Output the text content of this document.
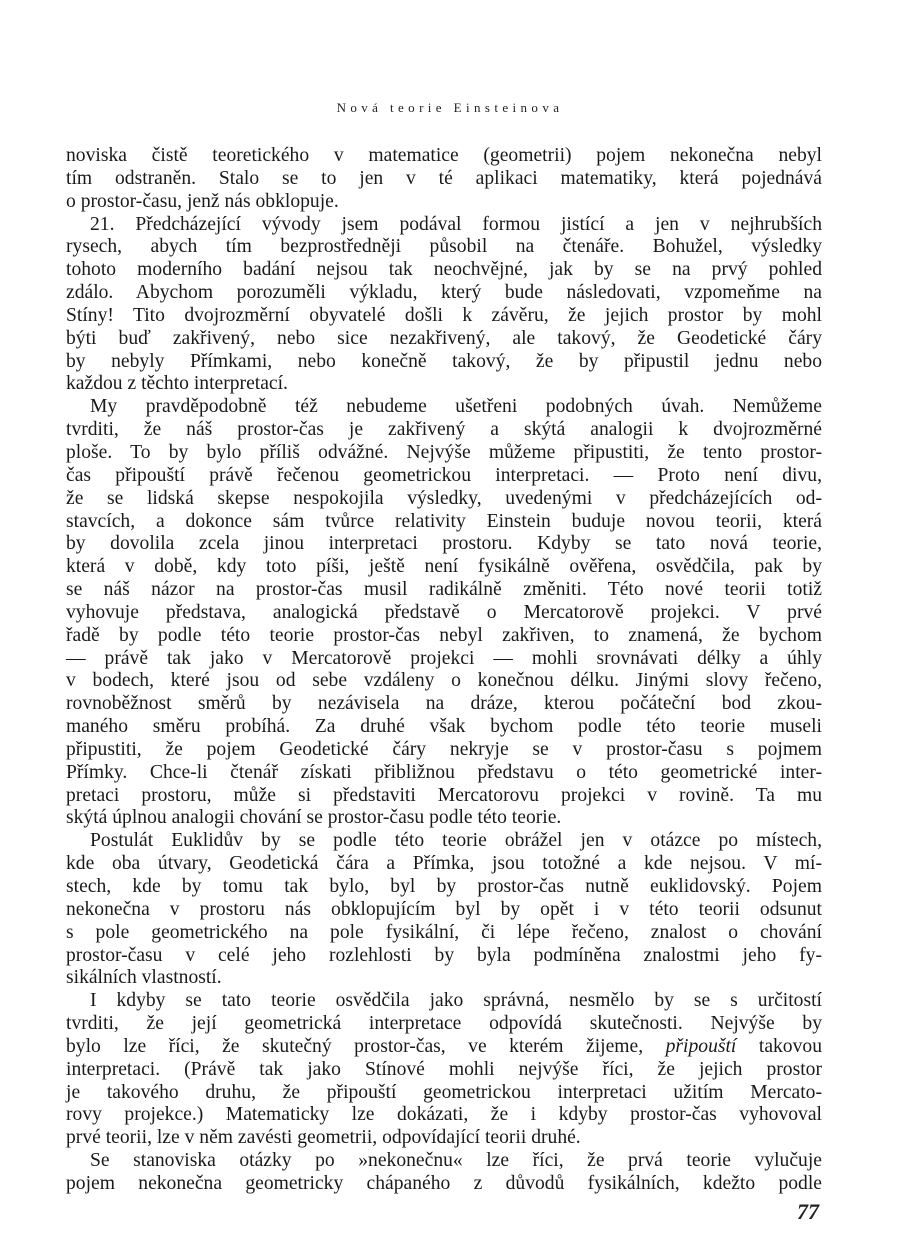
Nová teorie Einsteinova

noviska čistě teoretického v matematice (geometrii) pojem nekonečna nebyl
tím odstraněn. Stalo se to jen v té aplikaci matematiky, která pojednává
o prostor-času, jenž nás obklopuje.

21. Předcházející vývody jsem podával formou jistící a jen v nejhrubších
rysech, abych tím bezprostředněji působil na čtenáře. Bohužel, výsledky
tohoto moderního badání nejsou tak neochvějné, jak by se na prvý pohled
zdálo. Abychom porozuměli výkladu, který bude následovati, vzpomeňme na
Stíny! Tito dvojrozměrní obyvatelé došli k závěru, že jejich prostor by mohl
býti buď zakřivený, nebo sice nezakřivený, ale takový, že Geodetické čáry
by nebyly Přímkami, nebo konečně takový, že by připustil jednu nebo
každou z těchto interpretací.

My pravděpodobně též nebudeme ušetřeni podobných úvah. Nemůžeme
tvrditi, že náš prostor-čas je zakřivený a skýtá analogii k dvojrozměrné
ploše. To by bylo příliš odvážné. Nejvýše můžeme připustiti, že tento prostor-
čas připouští právě řečenou geometrickou interpretaci. — Proto není divu,
že se lidská skepse nespokojila výsledky, uvedenými v předcházejících od-
stavcích, a dokonce sám tvůrce relativity Einstein buduje novou teorii, která
by dovolila zcela jinou interpretaci prostoru. Kdyby se tato nová teorie,
která v době, kdy toto píši, ještě není fysikálně ověřena, osvědčila, pak by
se náš názor na prostor-čas musil radikálně změniti. Této nové teorii totiž
vyhovuje představa, analogická představě o Mercatorově projekci. V prvé
řadě by podle této teorie prostor-čas nebyl zakřiven, to znamená, že bychom
— právě tak jako v Mercatorově projekci — mohli srovnávati délky a úhly
v bodech, které jsou od sebe vzdáleny o konečnou délku. Jinými slovy řečeno,
rovnoběžnost směrů by nezávisela na dráze, kterou počáteční bod zkou-
maného směru probíhá. Za druhé však bychom podle této teorie museli
připustiti, že pojem Geodetické čáry nekryje se v prostor-času s pojmem
Přímky. Chce-li čtenář získati přibližnou představu o této geometrické inter-
pretaci prostoru, může si představiti Mercatorovu projekci v rovině. Ta mu
skýtá úplnou analogii chování se prostor-času podle této teorie.

Postulát Euklidův by se podle této teorie obrážel jen v otázce po místech,
kde oba útvary, Geodetická čára a Přímka, jsou totožné a kde nejsou. V mí-
stech, kde by tomu tak bylo, byl by prostor-čas nutně euklidovský. Pojem
nekonečna v prostoru nás obklopujícím byl by opět i v této teorii odsunut
s pole geometrického na pole fysikální, či lépe řečeno, znalost o chování
prostor-času v celé jeho rozlehlosti by byla podmíněna znalostmi jeho fy-
sikálních vlastností.

I kdyby se tato teorie osvědčila jako správná, nesmělo by se s určitostí
tvrditi, že její geometrická interpretace odpovídá skutečnosti. Nejvýše by
bylo lze říci, že skutečný prostor-čas, ve kterém žijeme, připouští takovou
interpretaci. (Právě tak jako Stínové mohli nejvýše říci, že jejich prostor
je takového druhu, že připouští geometrickou interpretaci užitím Mercato-
rovy projekce.) Matematicky lze dokázati, že i kdyby prostor-čas vyhovoval
prvé teorii, lze v něm zavésti geometrii, odpovídající teorii druhé.

Se stanoviska otázky po »nekonečnu« lze říci, že prvá teorie vylučuje
pojem nekonečna geometricky chápaného z důvodů fysikálních, kdežto podle

77
